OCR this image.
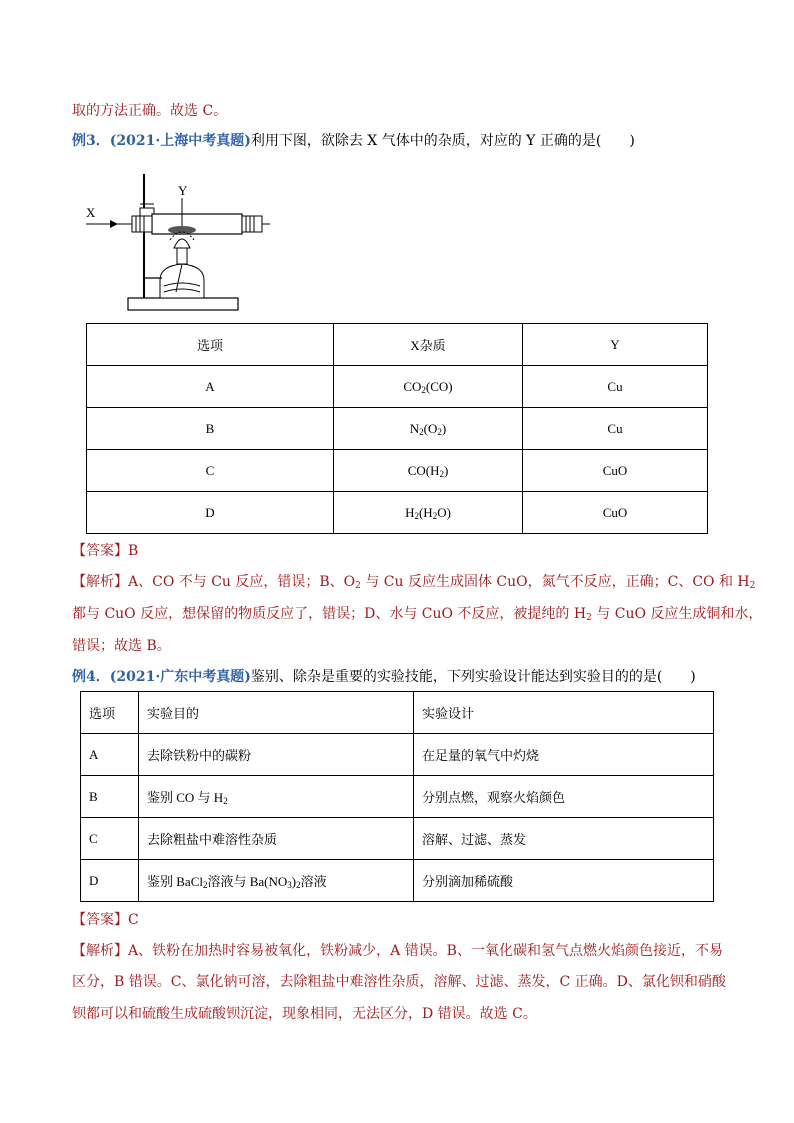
取的方法正确。故选 C。
例3．(2021·上海中考真题)利用下图，欲除去 X 气体中的杂质，对应的 Y 正确的是(　　)
X
Y
选项	X杂质	Y
A	$CO_2(CO)$	Cu
B	$N_2(O_2)$	Cu
C	$CO(H_2)$	CuO
D	$H_2(H_2O)$	CuO
【答案】B
【解析】A、CO 不与 Cu 反应，错误；B、$O_2$ 与 Cu 反应生成固体 CuO，氮气不反应，正确；C、CO 和 $H_2$
都与 CuO 反应，想保留的物质反应了，错误；D、水与 CuO 不反应，被提纯的 $H_2$ 与 CuO 反应生成铜和水，
错误；故选 B。
例4．(2021·广东中考真题)鉴别、除杂是重要的实验技能，下列实验设计能达到实验目的的是(　　)
选项	实验目的	实验设计
A	去除铁粉中的碳粉	在足量的氧气中灼烧
B	鉴别 CO 与 $H_2$	分别点燃，观察火焰颜色
C	去除粗盐中难溶性杂质	溶解、过滤、蒸发
D	鉴别 BaCl$_2$溶液与 $Ba(NO_3)_2$溶液	分别滴加稀硫酸
【答案】C
【解析】A、铁粉在加热时容易被氧化，铁粉减少，A 错误。B、一氧化碳和氢气点燃火焰颜色接近，不易
区分，B 错误。C、氯化钠可溶，去除粗盐中难溶性杂质，溶解、过滤、蒸发，C 正确。D、氯化钡和硝酸
钡都可以和硫酸生成硫酸钡沉淀，现象相同，无法区分，D 错误。故选 C。
